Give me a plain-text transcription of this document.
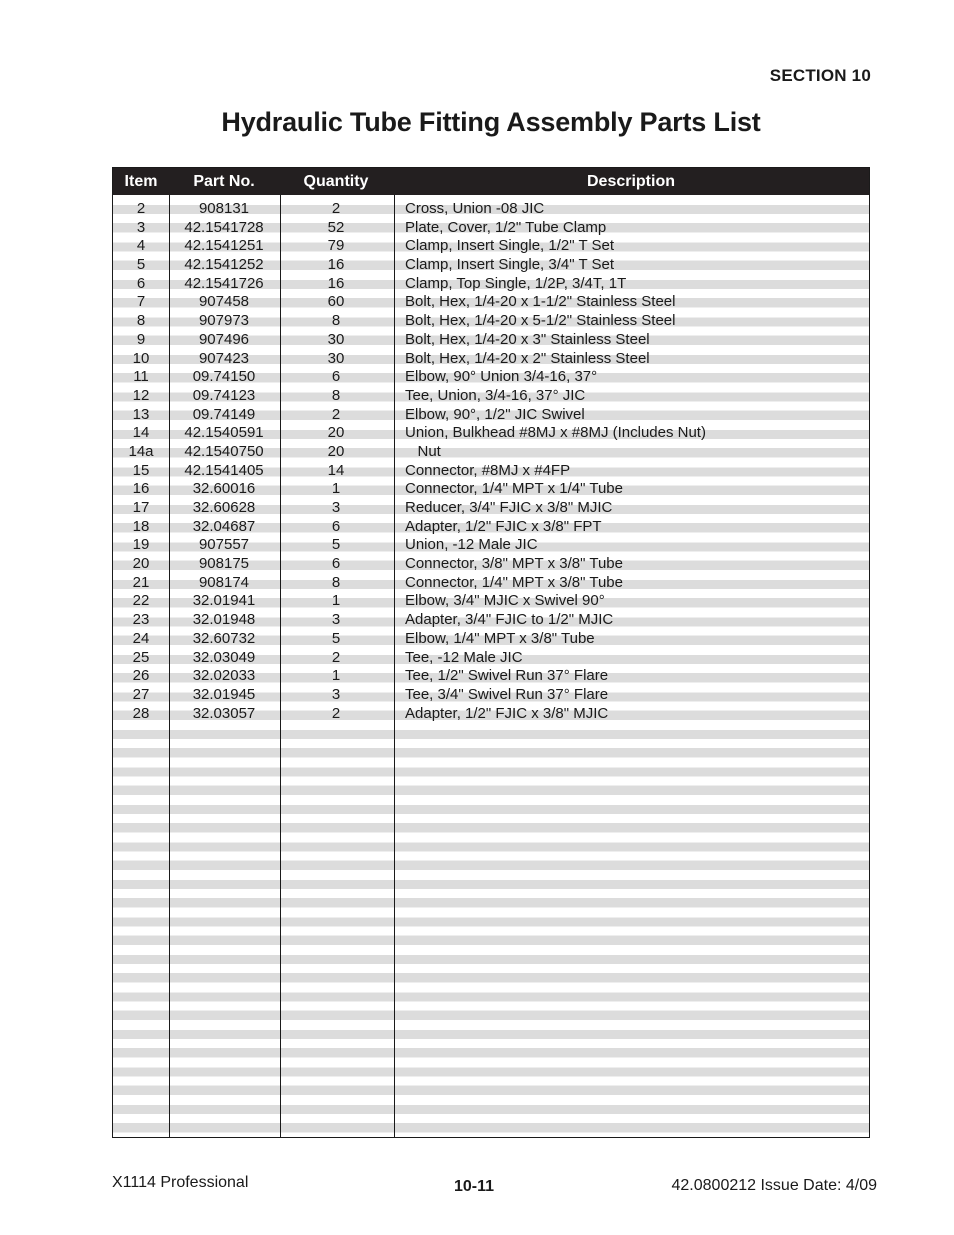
SECTION 10
Hydraulic Tube Fitting Assembly Parts List
Item	Part No.	Quantity	Description
2	908131	2	Cross, Union -08 JIC
3	42.1541728	52	Plate, Cover, 1/2" Tube Clamp
4	42.1541251	79	Clamp, Insert Single, 1/2" T Set
5	42.1541252	16	Clamp, Insert Single, 3/4" T Set
6	42.1541726	16	Clamp, Top Single, 1/2P, 3/4T, 1T
7	907458	60	Bolt, Hex, 1/4-20 x 1-1/2" Stainless Steel
8	907973	8	Bolt, Hex, 1/4-20 x 5-1/2" Stainless Steel
9	907496	30	Bolt, Hex, 1/4-20 x 3" Stainless Steel
10	907423	30	Bolt, Hex, 1/4-20 x 2" Stainless Steel
11	09.74150	6	Elbow, 90° Union 3/4-16, 37°
12	09.74123	8	Tee, Union, 3/4-16, 37° JIC
13	09.74149	2	Elbow, 90°, 1/2" JIC Swivel
14	42.1540591	20	Union, Bulkhead #8MJ x #8MJ (Includes Nut)
14a	42.1540750	20	Nut
15	42.1541405	14	Connector, #8MJ x #4FP
16	32.60016	1	Connector, 1/4" MPT x 1/4" Tube
17	32.60628	3	Reducer, 3/4" FJIC x 3/8" MJIC
18	32.04687	6	Adapter, 1/2" FJIC x 3/8" FPT
19	907557	5	Union, -12 Male JIC
20	908175	6	Connector, 3/8" MPT x 3/8" Tube
21	908174	8	Connector, 1/4" MPT x 3/8" Tube
22	32.01941	1	Elbow, 3/4" MJIC x Swivel 90°
23	32.01948	3	Adapter, 3/4" FJIC to 1/2" MJIC
24	32.60732	5	Elbow, 1/4" MPT x 3/8" Tube
25	32.03049	2	Tee, -12 Male JIC
26	32.02033	1	Tee, 1/2" Swivel Run 37° Flare
27	32.01945	3	Tee, 3/4" Swivel Run 37° Flare
28	32.03057	2	Adapter, 1/2" FJIC x 3/8" MJIC
X1114 Professional	10-11	42.0800212 Issue Date: 4/09
